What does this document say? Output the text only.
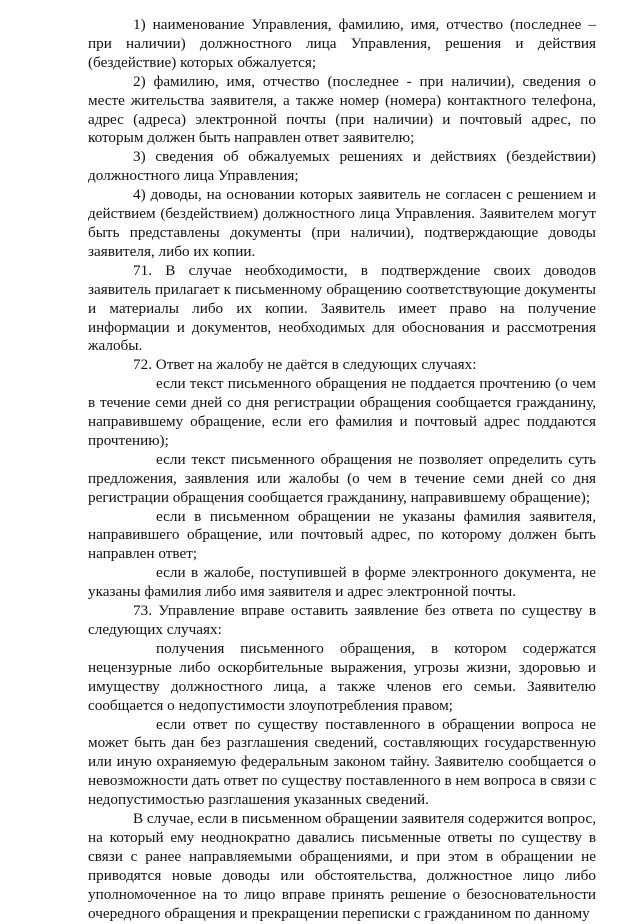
1) наименование Управления, фамилию, имя, отчество (последнее – при наличии) должностного лица Управления, решения и действия (бездействие) которых обжалуется;

2) фамилию, имя, отчество (последнее - при наличии), сведения о месте жительства заявителя, а также номер (номера) контактного телефона, адрес (адреса) электронной почты (при наличии) и почтовый адрес, по которым должен быть направлен ответ заявителю;

3) сведения об обжалуемых решениях и действиях (бездействии) должностного лица Управления;

4) доводы, на основании которых заявитель не согласен с решением и действием (бездействием) должностного лица Управления. Заявителем могут быть представлены документы (при наличии), подтверждающие доводы заявителя, либо их копии.

71. В случае необходимости, в подтверждение своих доводов заявитель прилагает к письменному обращению соответствующие документы и материалы либо их копии. Заявитель имеет право на получение информации и документов, необходимых для обоснования и рассмотрения жалобы.

72. Ответ на жалобу не даётся в следующих случаях:

если текст письменного обращения не поддается прочтению (о чем в течение семи дней со дня регистрации обращения сообщается гражданину, направившему обращение, если его фамилия и почтовый адрес поддаются прочтению);

если текст письменного обращения не позволяет определить суть предложения, заявления или жалобы (о чем в течение семи дней со дня регистрации обращения сообщается гражданину, направившему обращение);

если в письменном обращении не указаны фамилия заявителя, направившего обращение, или почтовый адрес, по которому должен быть направлен ответ;

если в жалобе, поступившей в форме электронного документа, не указаны фамилия либо имя заявителя и адрес электронной почты.

73. Управление вправе оставить заявление без ответа по существу в следующих случаях:

получения письменного обращения, в котором содержатся нецензурные либо оскорбительные выражения, угрозы жизни, здоровью и имуществу должностного лица, а также членов его семьи. Заявителю сообщается о недопустимости злоупотребления правом;

если ответ по существу поставленного в обращении вопроса не может быть дан без разглашения сведений, составляющих государственную или иную охраняемую федеральным законом тайну. Заявителю сообщается о невозможности дать ответ по существу поставленного в нем вопроса в связи с недопустимостью разглашения указанных сведений.

В случае, если в письменном обращении заявителя содержится вопрос, на который ему неоднократно давались письменные ответы по существу в связи с ранее направляемыми обращениями, и при этом в обращении не приводятся новые доводы или обстоятельства, должностное лицо либо уполномоченное на то лицо вправе принять решение о безосновательности очередного обращения и прекращении переписки с гражданином по данному
